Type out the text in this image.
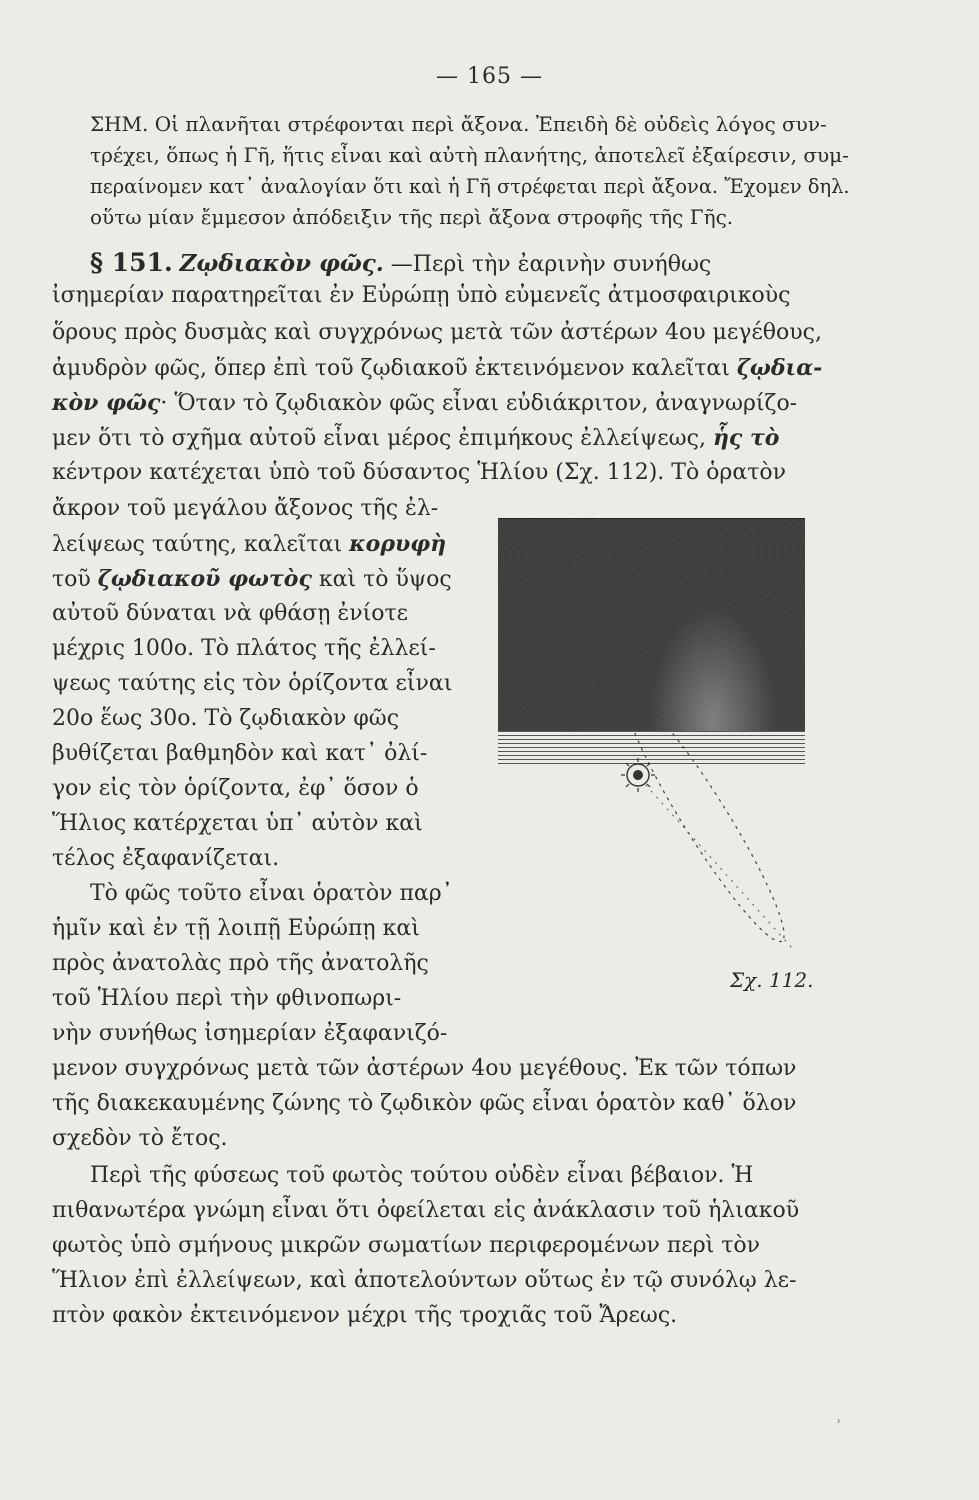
— 165 —
ΣΗΜ. Οἱ πλανῆται στρέφονται περὶ ἄξονα. Ἐπειδὴ δὲ οὐδεὶς λόγος συν-
τρέχει, ὅπως ἡ Γῆ, ἥτις εἶναι καὶ αὐτὴ πλανήτης, ἀποτελεῖ ἐξαίρεσιν, συμ-
περαίνομεν κατ᾽ ἀναλογίαν ὅτι καὶ ἡ Γῆ στρέφεται περὶ ἄξονα. Ἔχομεν δηλ.
οὕτω μίαν ἔμμεσον ἀπόδειξιν τῆς περὶ ἄξονα στροφῆς τῆς Γῆς.
§ 151. Ζῳδιακὸν φῶς. —Περὶ τὴν ἐαρινὴν συνήθως
ἰσημερίαν παρατηρεῖται ἐν Εὐρώπῃ ὑπὸ εὐμενεῖς ἀτμοσφαιρικοὺς
ὅρους πρὸς δυσμὰς καὶ συγχρόνως μετὰ τῶν ἀστέρων 4ου μεγέθους,
ἀμυδρὸν φῶς, ὅπερ ἐπὶ τοῦ ζῳδιακοῦ ἐκτεινόμενον καλεῖται ζῳδια-
κὸν φῶς· Ὅταν τὸ ζῳδιακὸν φῶς εἶναι εὐδιάκριτον, ἀναγνωρίζο-
μεν ὅτι τὸ σχῆμα αὐτοῦ εἶναι μέρος ἐπιμήκους ἐλλείψεως, ἧς τὸ
κέντρον κατέχεται ὑπὸ τοῦ δύσαντος Ἡλίου (Σχ. 112). Τὸ ὁρατὸν
ἄκρον τοῦ μεγάλου ἄξονος τῆς ἐλ-
λείψεως ταύτης, καλεῖται κορυφὴ
τοῦ ζῳδιακοῦ φωτὸς καὶ τὸ ὕψος
αὐτοῦ δύναται νὰ φθάσῃ ἐνίοτε
μέχρις 100ο. Τὸ πλάτος τῆς ἐλλεί-
ψεως ταύτης εἰς τὸν ὁρίζοντα εἶναι
20ο ἕως 30ο. Τὸ ζῳδιακὸν φῶς
βυθίζεται βαθμηδὸν καὶ κατ᾽ ὀλί-
γον εἰς τὸν ὁρίζοντα, ἐφ᾽ ὅσον ὁ
Ἥλιος κατέρχεται ὑπ᾽ αὐτὸν καὶ
τέλος ἐξαφανίζεται.
Τὸ φῶς τοῦτο εἶναι ὁρατὸν παρ᾽
ἡμῖν καὶ ἐν τῇ λοιπῇ Εὐρώπῃ καὶ
πρὸς ἀνατολὰς πρὸ τῆς ἀνατολῆς
τοῦ Ἡλίου περὶ τὴν φθινοπωρι-
νὴν συνήθως ἰσημερίαν ἐξαφανιζό-
Σχ. 112.
μενον συγχρόνως μετὰ τῶν ἀστέρων 4ου μεγέθους. Ἐκ τῶν τόπων
τῆς διακεκαυμένης ζώνης τὸ ζῳδικὸν φῶς εἶναι ὁρατὸν καθ᾽ ὅλον
σχεδὸν τὸ ἔτος.
Περὶ τῆς φύσεως τοῦ φωτὸς τούτου οὐδὲν εἶναι βέβαιον. Ἡ
πιθανωτέρα γνώμη εἶναι ὅτι ὀφείλεται εἰς ἀνάκλασιν τοῦ ἡλιακοῦ
φωτὸς ὑπὸ σμήνους μικρῶν σωματίων περιφερομένων περὶ τὸν
Ἥλιον ἐπὶ ἐλλείψεων, καὶ ἀποτελούντων οὕτως ἐν τῷ συνόλῳ λε-
πτὸν φακὸν ἐκτεινόμενον μέχρι τῆς τροχιᾶς τοῦ Ἄρεως.
ʾ
